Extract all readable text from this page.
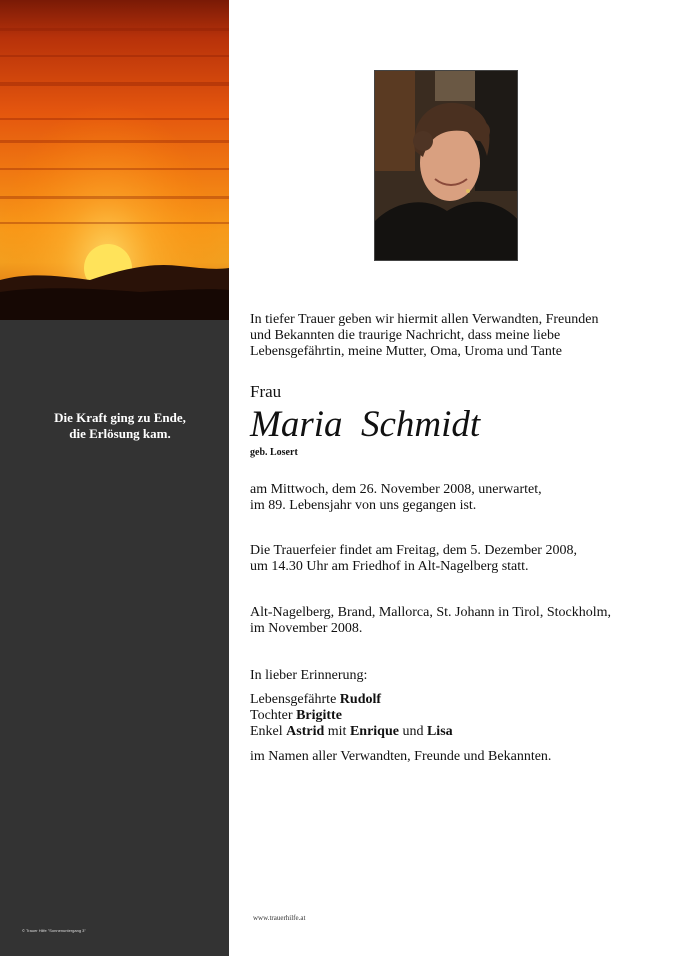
Die Kraft ging zu Ende,
die Erlösung kam.
© Trauer Hilfe "Sonnenuntergang 3"
In tiefer Trauer geben wir hiermit allen Verwandten, Freunden
und Bekannten die traurige Nachricht, dass meine liebe
Lebensgefährtin, meine Mutter, Oma, Uroma und Tante
Frau
Maria  Schmidt
geb. Losert
am Mittwoch, dem 26. November 2008, unerwartet,
im 89. Lebensjahr von uns gegangen ist.
Die Trauerfeier findet am Freitag, dem 5. Dezember 2008,
um 14.30 Uhr am Friedhof in Alt-Nagelberg statt.
Alt-Nagelberg, Brand, Mallorca, St. Johann in Tirol, Stockholm,
im November 2008.
In lieber Erinnerung:
Lebensgefährte Rudolf
Tochter Brigitte
Enkel Astrid mit Enrique und Lisa
im Namen aller Verwandten, Freunde und Bekannten.
www.trauerhilfe.at
